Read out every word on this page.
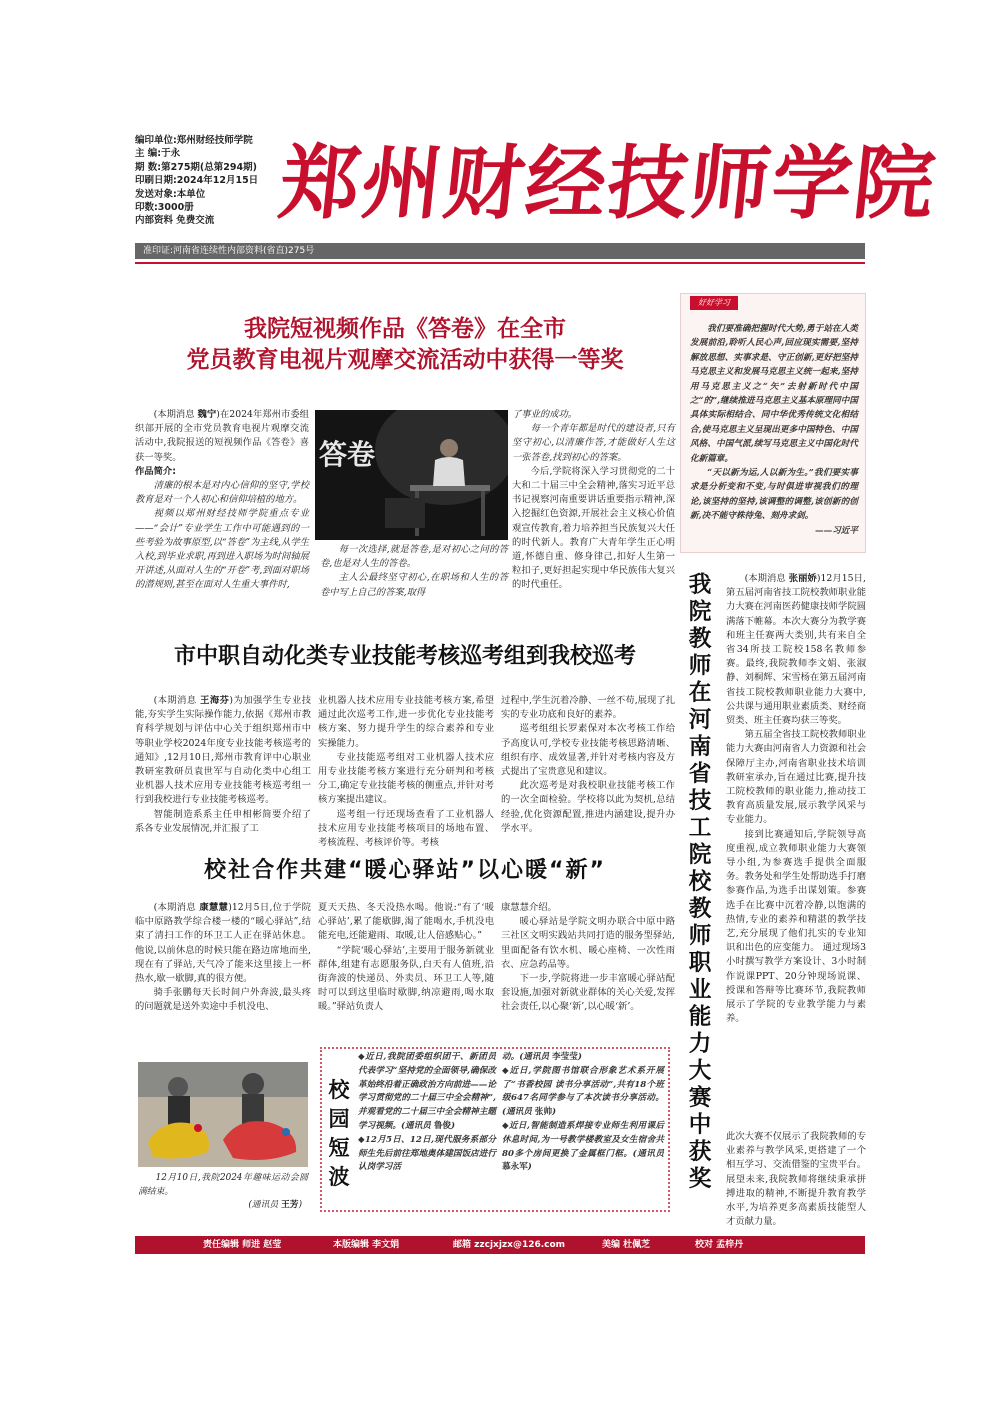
编印单位:郑州财经技师学院
主 编:于永
期 数:第275期(总第294期)
印刷日期:2024年12月15日
发送对象:本单位
印数:3000册
内部资料 免费交流 郑州财经技师学院
准印证:河南省连续性内部资料(省直)275号
我院短视频作品《答卷》在全市
党员教育电视片观摩交流活动中获得一等奖

(本期消息 魏宁)在2024年郑州市委组织部开展的全市党员教育电视片观摩交流活动中,我院报送的短视频作品《答卷》喜获一等奖。

作品简介:

清廉的根本是对内心信仰的坚守,学校教育是对一个人初心和信仰培植的地方。

视频以郑州财经技师学院重点专业——“会计”专业学生工作中可能遇到的一些考验为故事原型,以“答卷”为主线,从学生入校,到毕业求职,再到进入职场为时间轴展开讲述,从面对人生的“开卷”考,到面对职场的潜规则,甚至在面对人生重大事件时,

答卷

每一次选择,就是答卷,是对初心之问的答卷,也是对人生的答卷。

主人公最终坚守初心,在职场和人生的答卷中写上自己的答案,取得

了事业的成功。

每一个青年都是时代的建设者,只有坚守初心,以清廉作答,才能做好人生这一张答卷,找到初心的答案。

今后,学院将深入学习贯彻党的二十大和二十届三中全会精神,落实习近平总书记视察河南重要讲话重要指示精神,深入挖掘红色资源,开展社会主义核心价值观宣传教育,着力培养担当民族复兴大任的时代新人。教育广大青年学生正心明道,怀德自重、修身律己,扣好人生第一粒扣子,更好担起实现中华民族伟大复兴的时代重任。

好好学习

我们要准确把握时代大势,勇于站在人类发展前沿,聆听人民心声,回应现实需要,坚持解放思想、实事求是、守正创新,更好把坚持马克思主义和发展马克思主义统一起来,坚持用马克思主义之“矢”去射新时代中国之“的”,继续推进马克思主义基本原理同中国具体实际相结合、同中华优秀传统文化相结合,使马克思主义呈现出更多中国特色、中国风格、中国气派,续写马克思主义中国化时代化新篇章。

“天以新为运,人以新为生。”我们要实事求是分析变和不变,与时俱进审视我们的理论,该坚持的坚持,该调整的调整,该创新的创新,决不能守株待兔、刻舟求剑。

——习近平

市中职自动化类专业技能考核巡考组到我校巡考

(本期消息 王海芬)为加强学生专业技能,夯实学生实际操作能力,依据《郑州市教育科学规划与评估中心关于组织郑州市中等职业学校2024年度专业技能考核巡考的通知》,12月10日,郑州市教育评中心职业教研室教研员袁世军与自动化类中心组工业机器人技术应用专业技能考核巡考组一行到我校进行专业技能考核巡考。

智能制造系系主任申相彬简要介绍了系各专业发展情况,并汇报了工

业机器人技术应用专业技能考核方案,希望通过此次巡考工作,进一步优化专业技能考核方案、努力提升学生的综合素养和专业实操能力。

专业技能巡考组对工业机器人技术应用专业技能考核方案进行充分研判和考核分工,确定专业技能考核的侧重点,并针对考核方案提出建议。

巡考组一行还现场查看了工业机器人技术应用专业技能考核项目的场地布置、考核流程、考核评价等。考核

过程中,学生沉着冷静、一丝不苟,展现了扎实的专业功底和良好的素养。

巡考组组长罗素保对本次考核工作给予高度认可,学校专业技能考核思路清晰、组织有序、成效显著,并针对考核内容及方式提出了宝贵意见和建议。

此次巡考是对我校职业技能考核工作的一次全面检验。学校将以此为契机,总结经验,优化资源配置,推进内涵建设,提升办学水平。

校社合作共建“暖心驿站”以心暖“新”

(本期消息 康慧慧)12月5日,位于学院临中原路教学综合楼一楼的“暖心驿站”,结束了清扫工作的环卫工人正在驿站休息。他说,以前休息的时候只能在路边席地而坐,现在有了驿站,天气冷了能来这里接上一杯热水,歇一歇脚,真的很方便。

骑手张鹏每天长时间户外奔波,最头疼的问题就是送外卖途中手机没电、

夏天天热、冬天没热水喝。他说:“有了‘暖心驿站’,累了能歇脚,渴了能喝水,手机没电能充电,还能避雨、取暖,让人倍感贴心。”

“学院‘暖心驿站’,主要用于服务新就业群体,组建有志愿服务队,白天有人值班,沿街奔波的快递员、外卖员、环卫工人等,随时可以到这里临时歇脚,纳凉避雨,喝水取暖。”驿站负责人

康慧慧介绍。

暖心驿站是学院文明办联合中原中路三社区文明实践站共同打造的服务型驿站,里面配备有饮水机、暖心座椅、一次性雨衣、应急药品等。

下一步,学院将进一步丰富暖心驿站配套设施,加强对新就业群体的关心关爱,发挥社会责任,以心聚‘新’,以心暖‘新’。

我
院
教
师
在
河
南
省
技
工
院
校
教
师
职
业
能
力
大
赛
中
获
奖

(本期消息 张丽娇)12月15日,第五届河南省技工院校教师职业能力大赛在河南医药健康技师学院圆满落下帷幕。本次大赛分为教学赛和班主任赛两大类别,共有来自全省34所技工院校158名教师参赛。最终,我院教师李文娟、张淑静、刘桐辉、宋雪杨在第五届河南省技工院校教师职业能力大赛中,公共课与通用职业素质类、财经商贸类、班主任赛均获三等奖。

第五届全省技工院校教师职业能力大赛由河南省人力资源和社会保障厅主办,河南省职业技术培训教研室承办,旨在通过比赛,提升技工院校教师的职业能力,推动技工教育高质量发展,展示教学风采与专业能力。

接到比赛通知后,学院领导高度重视,成立教师职业能力大赛领导小组,为参赛选手提供全面服务。教务处和学生处帮助选手打磨参赛作品,为选手出谋划策。参赛选手在比赛中沉着冷静,以饱满的热情,专业的素养和精湛的教学技艺,充分展现了他们扎实的专业知识和出色的应变能力。 通过现场3小时撰写教学方案设计、3小时制作说课PPT、20分钟现场说课、授课和答辩等比赛环节,我院教师展示了学院的专业教学能力与素养。

此次大赛不仅展示了我院教师的专业素养与教学风采,更搭建了一个相互学习、交流借鉴的宝贵平台。展望未来,我院教师将继续秉承拼搏进取的精神,不断提升教育教学水平,为培养更多高素质技能型人才贡献力量。

12月10日,我院2024年趣味运动会圆满结束。

(通讯员 王芳)

校园短波

◆近日,我院团委组织团干、新团员代表学习“坚持党的全面领导,确保改革始终沿着正确政治方向前进——论学习贯彻党的二十届三中全会精神”,并观看党的二十届三中全会精神主题学习视频。(通讯员 鲁俊)

◆12月5日、12日,现代服务系部分师生先后前往郑地奥体建国饭店进行认岗学习活

动。(通讯员 李莹莹)

◆近日,学院图书馆联合形象艺术系开展了“书香校园 读书分享活动”,共有18个班级647名同学参与了本次读书分享活动。(通讯员 张帅)

◆近日,智能制造系焊接专业师生利用课后休息时间,为一号教学楼教室及女生宿舍共80多个房间更换了金属框门框。(通讯员 慕永军)

责任编辑 师进 赵莹	本版编辑 李文娟	邮箱 zzcjxjzx@126.com	美编 杜佩芝	校对 孟梓丹
